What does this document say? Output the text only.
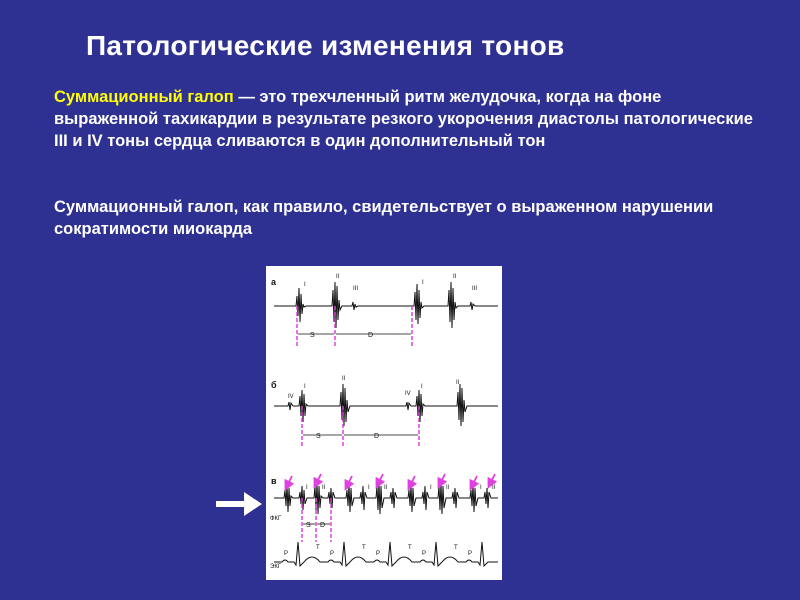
Патологические изменения тонов
Суммационный галоп — это трехчленный ритм желудочка, когда на фоне выраженной тахикардии в результате резкого укорочения диастолы патологические III и IV тоны сердца сливаются в один дополнительный тон
Суммационный галоп, как правило, свидетельствует о выраженном нарушении сократимости миокарда
а	I
II
III
I
II
III
S	D
б
IV
I
II
IV
I
II
S	D
в
I II	I II	I II	I II
S D
ФКГ
ЭКГ
P
T
P
T
P
T
P
T
P
